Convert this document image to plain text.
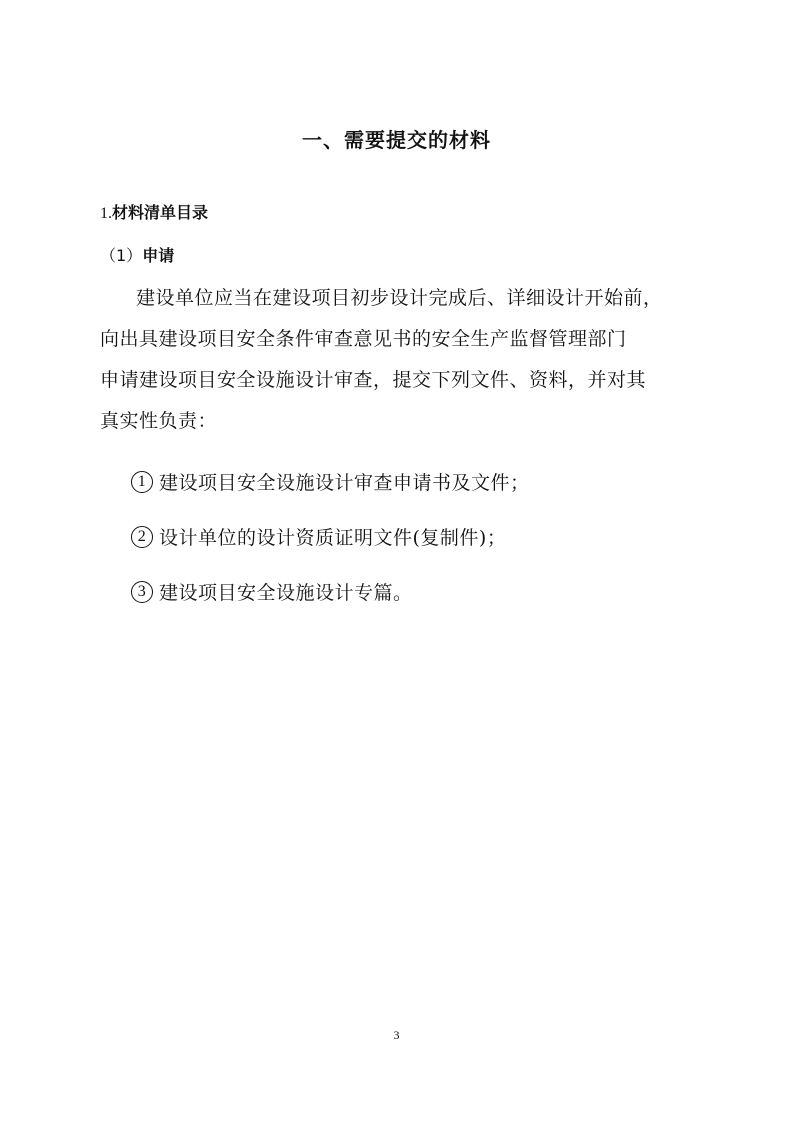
一、需要提交的材料
1.材料清单目录
（1）申请

建设单位应当在建设项目初步设计完成后、详细设计开始前，
向出具建设项目安全条件审查意见书的安全生产监督管理部门
申请建设项目安全设施设计审查，提交下列文件、资料，并对其
真实性负责：

1 建设项目安全设施设计审查申请书及文件；
2 设计单位的设计资质证明文件(复制件)；
3 建设项目安全设施设计专篇。

3
